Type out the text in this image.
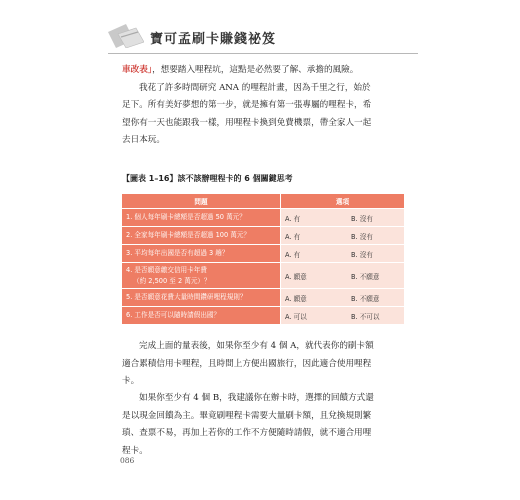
寶可孟刷卡賺錢祕笈

車改表」，想要踏入哩程坑，這點是必然要了解、承擔的風險。
我花了許多時間研究 ANA 的哩程計畫，因為千里之行，始於
足下。所有美好夢想的第一步，就是擁有第一張專屬的哩程卡，希
望你有一天也能跟我一樣，用哩程卡換到免費機票，帶全家人一起
去日本玩。

【圖表 1–16】該不該辦哩程卡的 6 個關鍵思考
問題	選項	
1. 個人每年刷卡總額是否超過 50 萬元？	A. 有	B. 沒有
2. 全家每年刷卡總額是否超過 100 萬元？	A. 有	B. 沒有
3. 平均每年出國是否有超過 3 趟？	A. 有	B. 沒有
4. 是否願意繳交信用卡年費
（約 2,500 至 2 萬元）？	A. 願意	B. 不願意
5. 是否願意花費大量時間鑽研哩程規則？	A. 願意	B. 不願意
6. 工作是否可以隨時請假出國？	A. 可以	B. 不可以

完成上面的量表後，如果你至少有 4 個 A，就代表你的刷卡額
適合累積信用卡哩程，且時間上方便出國旅行，因此適合使用哩程
卡。

如果你至少有 4 個 B，我建議你在辦卡時，選擇的回饋方式還
是以現金回饋為主。畢竟刷哩程卡需要大量刷卡額，且兌換規則繁
瑣、查票不易，再加上若你的工作不方便隨時請假，就不適合用哩
程卡。

086
